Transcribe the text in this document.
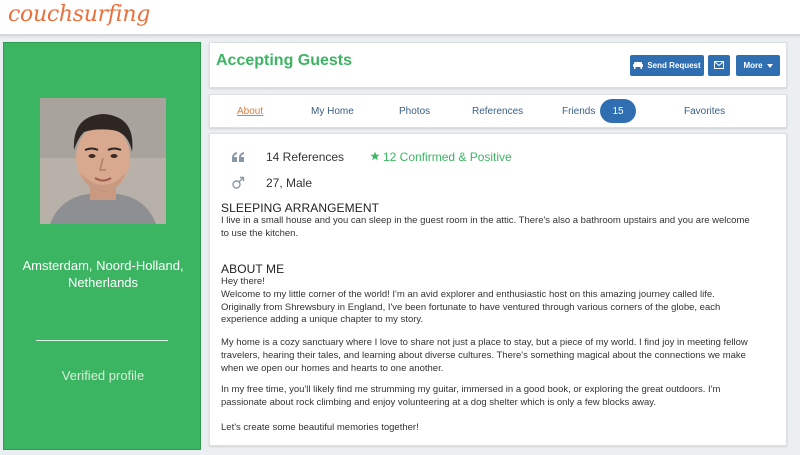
couchsurfing
Amsterdam, Noord-Holland, Netherlands
Verified profile
Accepting Guests	Send Request	More
About	My Home	Photos	References	Friends	15	Favorites
14 References	12 Confirmed & Positive
27, Male
SLEEPING ARRANGEMENT
I live in a small house and you can sleep in the guest room in the attic. There's also a bathroom upstairs and you are welcome to use the kitchen.
ABOUT ME
Hey there!
Welcome to my little corner of the world! I'm an avid explorer and enthusiastic host on this amazing journey called life. Originally from Shrewsbury in England, I've been fortunate to have ventured through various corners of the globe, each experience adding a unique chapter to my story.
My home is a cozy sanctuary where I love to share not just a place to stay, but a piece of my world. I find joy in meeting fellow travelers, hearing their tales, and learning about diverse cultures. There's something magical about the connections we make when we open our homes and hearts to one another.
In my free time, you'll likely find me strumming my guitar, immersed in a good book, or exploring the great outdoors. I'm passionate about rock climbing and enjoy volunteering at a dog shelter which is only a few blocks away.
Let's create some beautiful memories together!
